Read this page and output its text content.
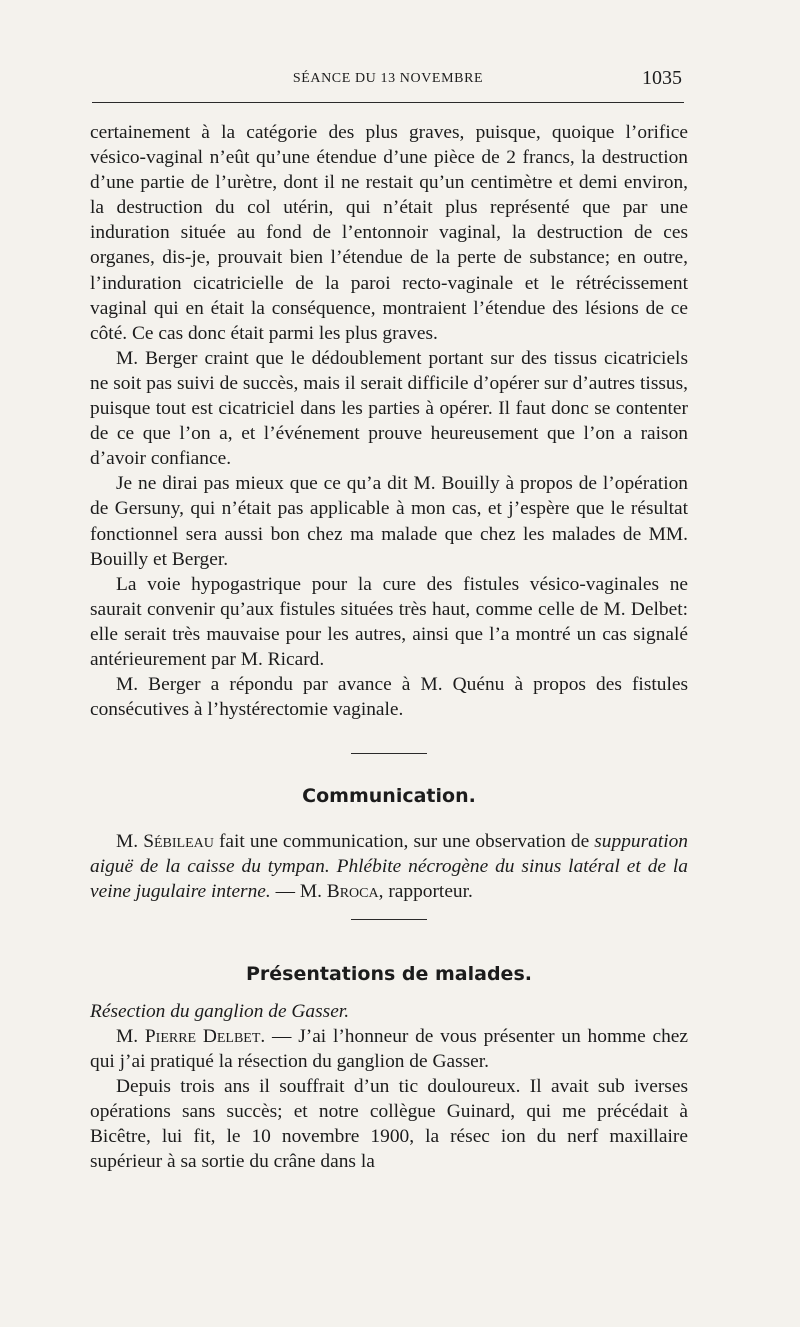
SÉANCE DU 13 NOVEMBRE	1035

certainement à la catégorie des plus graves, puisque, quoique l’orifice vésico-vaginal n’eût qu’une étendue d’une pièce de 2 francs, la destruction d’une partie de l’urètre, dont il ne restait qu’un centimètre et demi environ, la destruction du col utérin, qui n’était plus représenté que par une induration située au fond de l’entonnoir vaginal, la destruction de ces organes, dis-je, prouvait bien l’étendue de la perte de substance; en outre, l’induration cicatricielle de la paroi recto-vaginale et le rétrécissement vaginal qui en était la conséquence, montraient l’étendue des lésions de ce côté. Ce cas donc était parmi les plus graves.

M. Berger craint que le dédoublement portant sur des tissus cicatriciels ne soit pas suivi de succès, mais il serait difficile d’opérer sur d’autres tissus, puisque tout est cicatriciel dans les parties à opérer. Il faut donc se contenter de ce que l’on a, et l’événement prouve heureusement que l’on a raison d’avoir confiance.

Je ne dirai pas mieux que ce qu’a dit M. Bouilly à propos de l’opération de Gersuny, qui n’était pas applicable à mon cas, et j’espère que le résultat fonctionnel sera aussi bon chez ma malade que chez les malades de MM. Bouilly et Berger.

La voie hypogastrique pour la cure des fistules vésico-vaginales ne saurait convenir qu’aux fistules situées très haut, comme celle de M. Delbet: elle serait très mauvaise pour les autres, ainsi que l’a montré un cas signalé antérieurement par M. Ricard.

M. Berger a répondu par avance à M. Quénu à propos des fistules consécutives à l’hystérectomie vaginale.

Communication.

M. Sébileau fait une communication, sur une observation de suppuration aiguë de la caisse du tympan. Phlébite nécrogène du sinus latéral et de la veine jugulaire interne. — M. Broca, rapporteur.

Présentations de malades.

Résection du ganglion de Gasser.

M. Pierre Delbet. — J’ai l’honneur de vous présenter un homme chez qui j’ai pratiqué la résection du ganglion de Gasser.

Depuis trois ans il souffrait d’un tic douloureux. Il avait sub iverses opérations sans succès; et notre collègue Guinard, qui me précédait à Bicêtre, lui fit, le 10 novembre 1900, la résec ion du nerf maxillaire supérieur à sa sortie du crâne dans la
